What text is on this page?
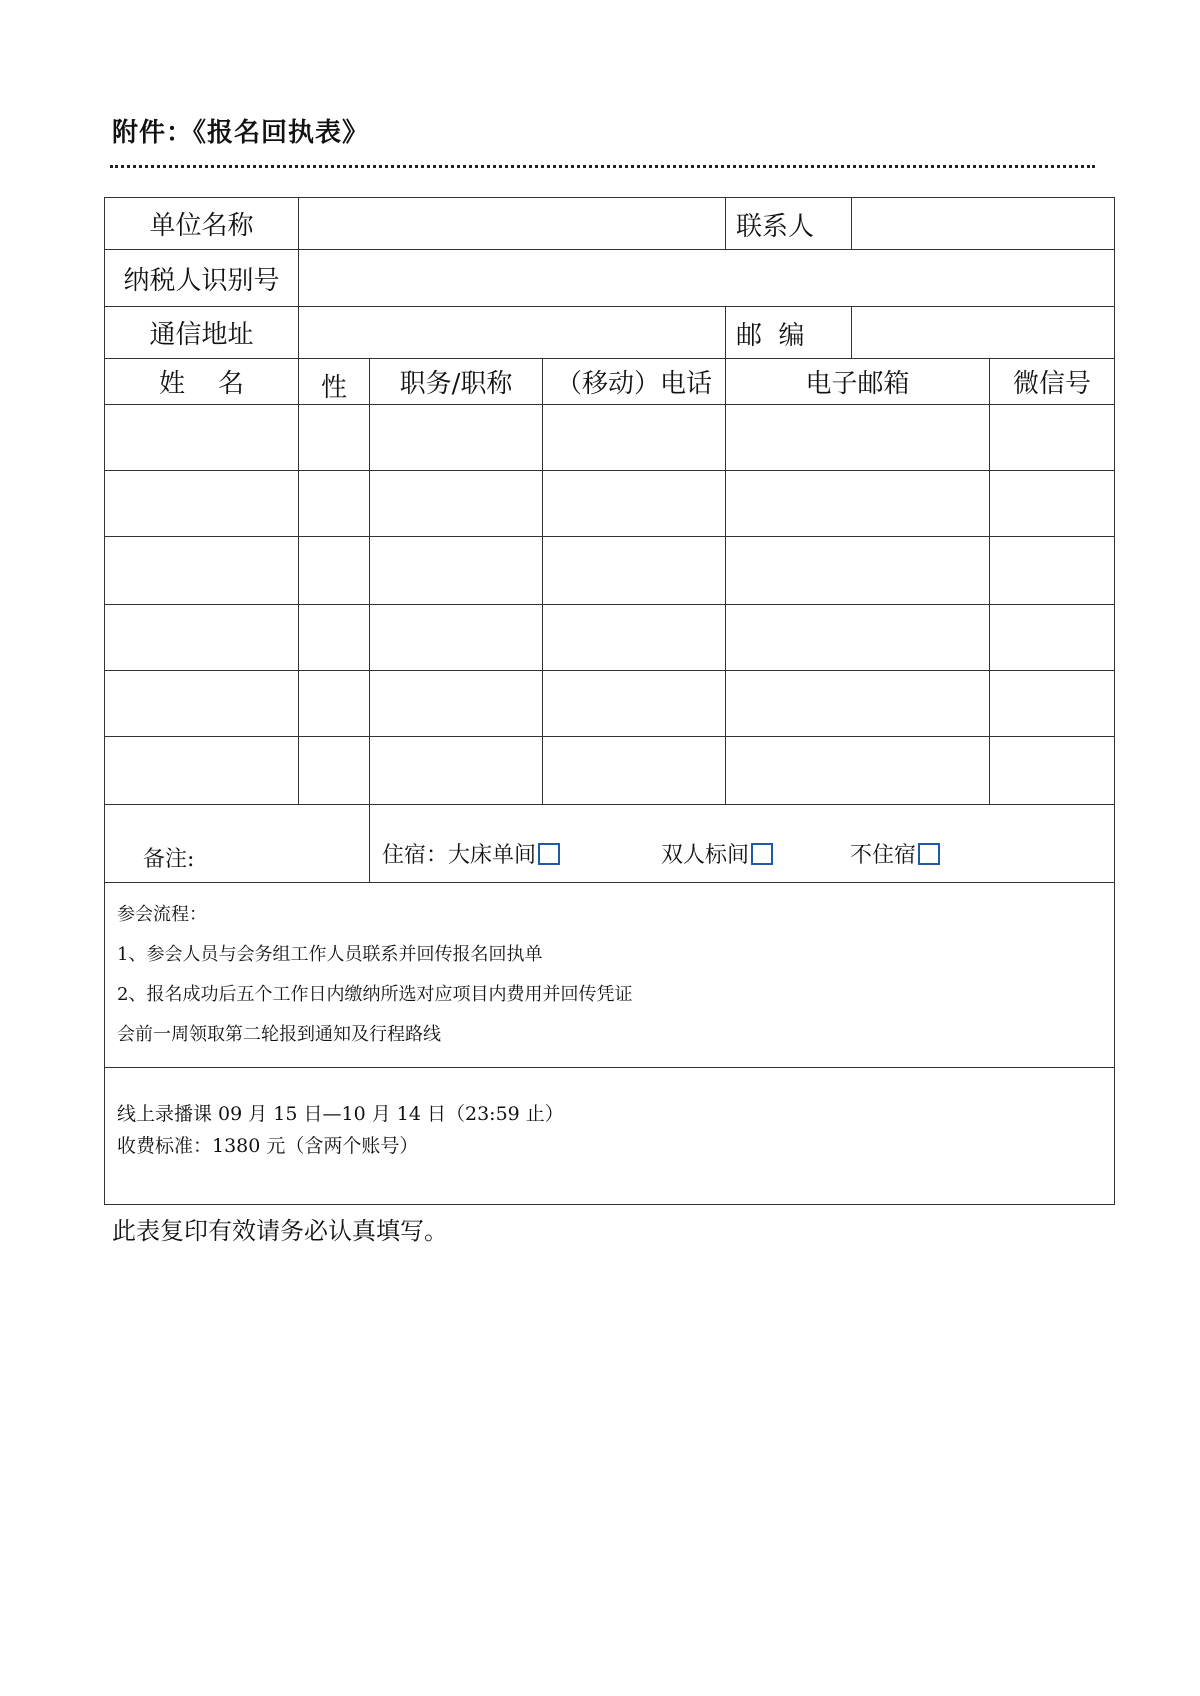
附件：《报名回执表》
单位名称				联系人		
纳税人识别号						
通信地址				邮  编		
姓    名	性	职务/职称	（移动）电话	电子邮箱		微信号

备注:		住宿： 大床单间
双人标间
不住宿				

参会流程：
1、参会人员与会务组工作人员联系并回传报名回执单
2、报名成功后五个工作日内缴纳所选对应项目内费用并回传凭证
会前一周领取第二轮报到通知及行程路线						

线上录播课 09 月 15 日—10 月 14 日（23:59 止）
收费标准：1380 元（含两个账号）						
此表复印有效请务必认真填写。
